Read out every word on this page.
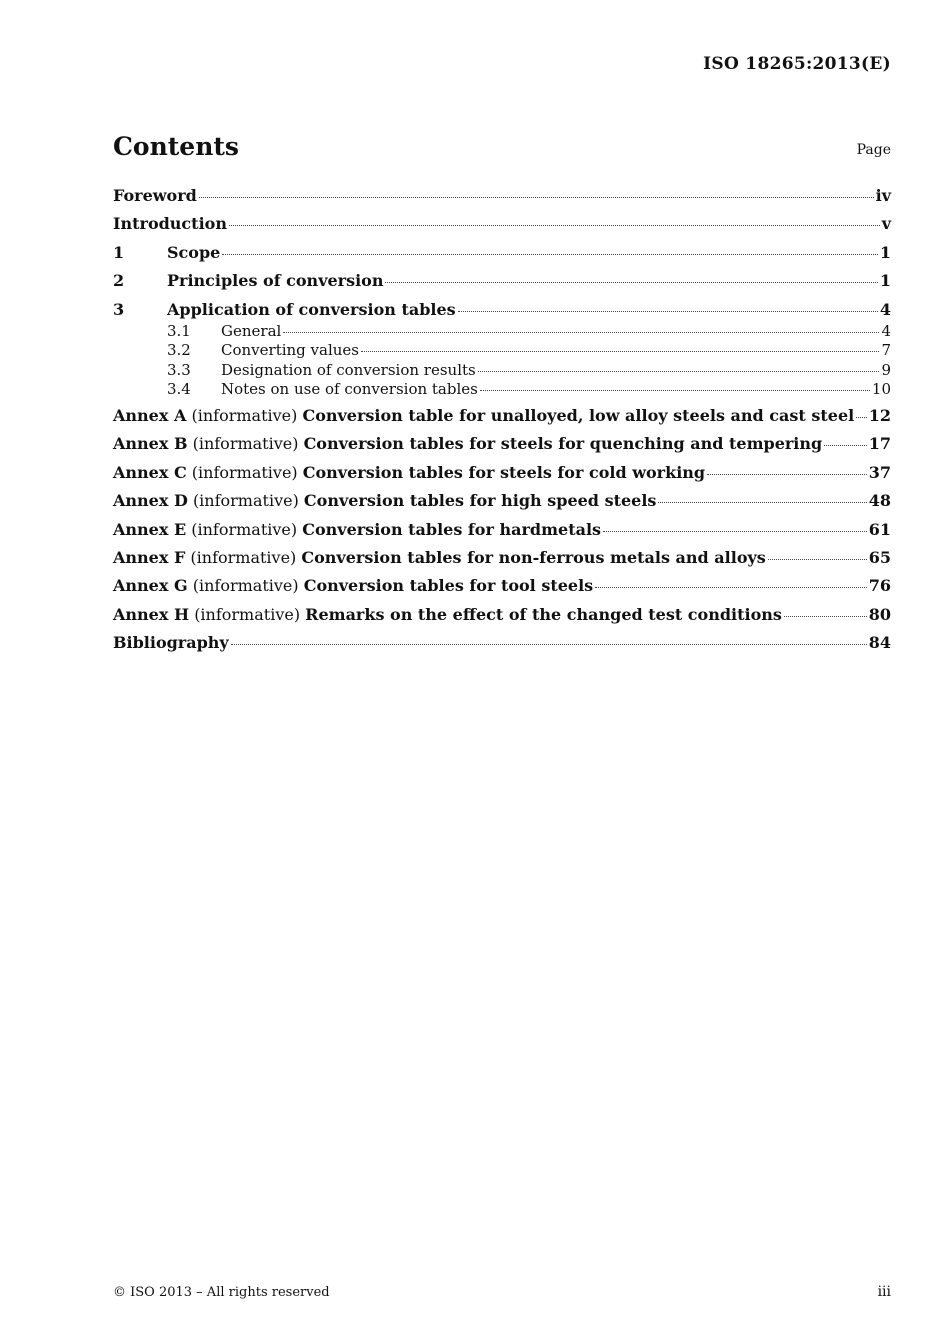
ISO 18265:2013(E)
Contents	Page
Foreword	iv
Introduction	v
1	Scope	1
2	Principles of conversion	1
3	Application of conversion tables	4
3.1	General	4
3.2	Converting values	7
3.3	Designation of conversion results	9
3.4	Notes on use of conversion tables	10
Annex A (informative) Conversion table for unalloyed, low alloy steels and cast steel 12
Annex B (informative) Conversion tables for steels for quenching and tempering	17
Annex C (informative) Conversion tables for steels for cold working	37
Annex D (informative) Conversion tables for high speed steels	48
Annex E (informative) Conversion tables for hardmetals	61
Annex F (informative) Conversion tables for non-ferrous metals and alloys	65
Annex G (informative) Conversion tables for tool steels	76
Annex H (informative) Remarks on the effect of the changed test conditions	80
Bibliography	84
© ISO 2013 – All rights reserved	iii
